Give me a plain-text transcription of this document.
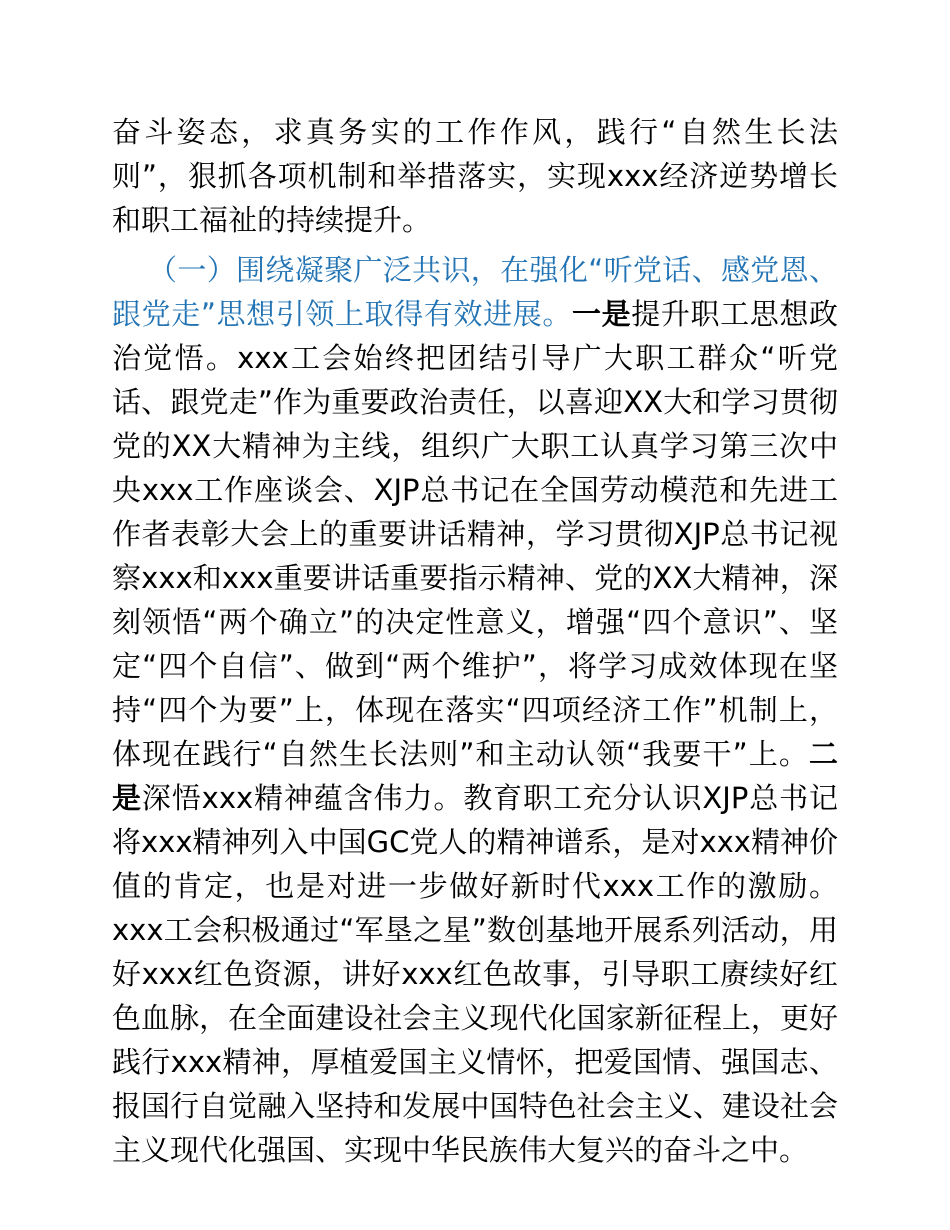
奋斗姿态，求真务实的工作作风，践行“自然生长法则”，狠抓各项机制和举措落实，实现xxx经济逆势增长和职工福祉的持续提升。

（一）围绕凝聚广泛共识，在强化“听党话、感党恩、跟党走”思想引领上取得有效进展。一是提升职工思想政治觉悟。xxx工会始终把团结引导广大职工群众“听党话、跟党走”作为重要政治责任，以喜迎XX大和学习贯彻党的XX大精神为主线，组织广大职工认真学习第三次中央xxx工作座谈会、XJP总书记在全国劳动模范和先进工作者表彰大会上的重要讲话精神，学习贯彻XJP总书记视察xxx和xxx重要讲话重要指示精神、党的XX大精神，深刻领悟“两个确立”的决定性意义，增强“四个意识”、坚定“四个自信”、做到“两个维护”，将学习成效体现在坚持“四个为要”上，体现在落实“四项经济工作”机制上，体现在践行“自然生长法则”和主动认领“我要干”上。二是深悟xxx精神蕴含伟力。教育职工充分认识XJP总书记将xxx精神列入中国GC党人的精神谱系，是对xxx精神价值的肯定，也是对进一步做好新时代xxx工作的激励。xxx工会积极通过“军垦之星”数创基地开展系列活动，用好xxx红色资源，讲好xxx红色故事，引导职工赓续好红色血脉，在全面建设社会主义现代化国家新征程上，更好践行xxx精神，厚植爱国主义情怀，把爱国情、强国志、报国行自觉融入坚持和发展中国特色社会主义、建设社会主义现代化强国、实现中华民族伟大复兴的奋斗之中。
